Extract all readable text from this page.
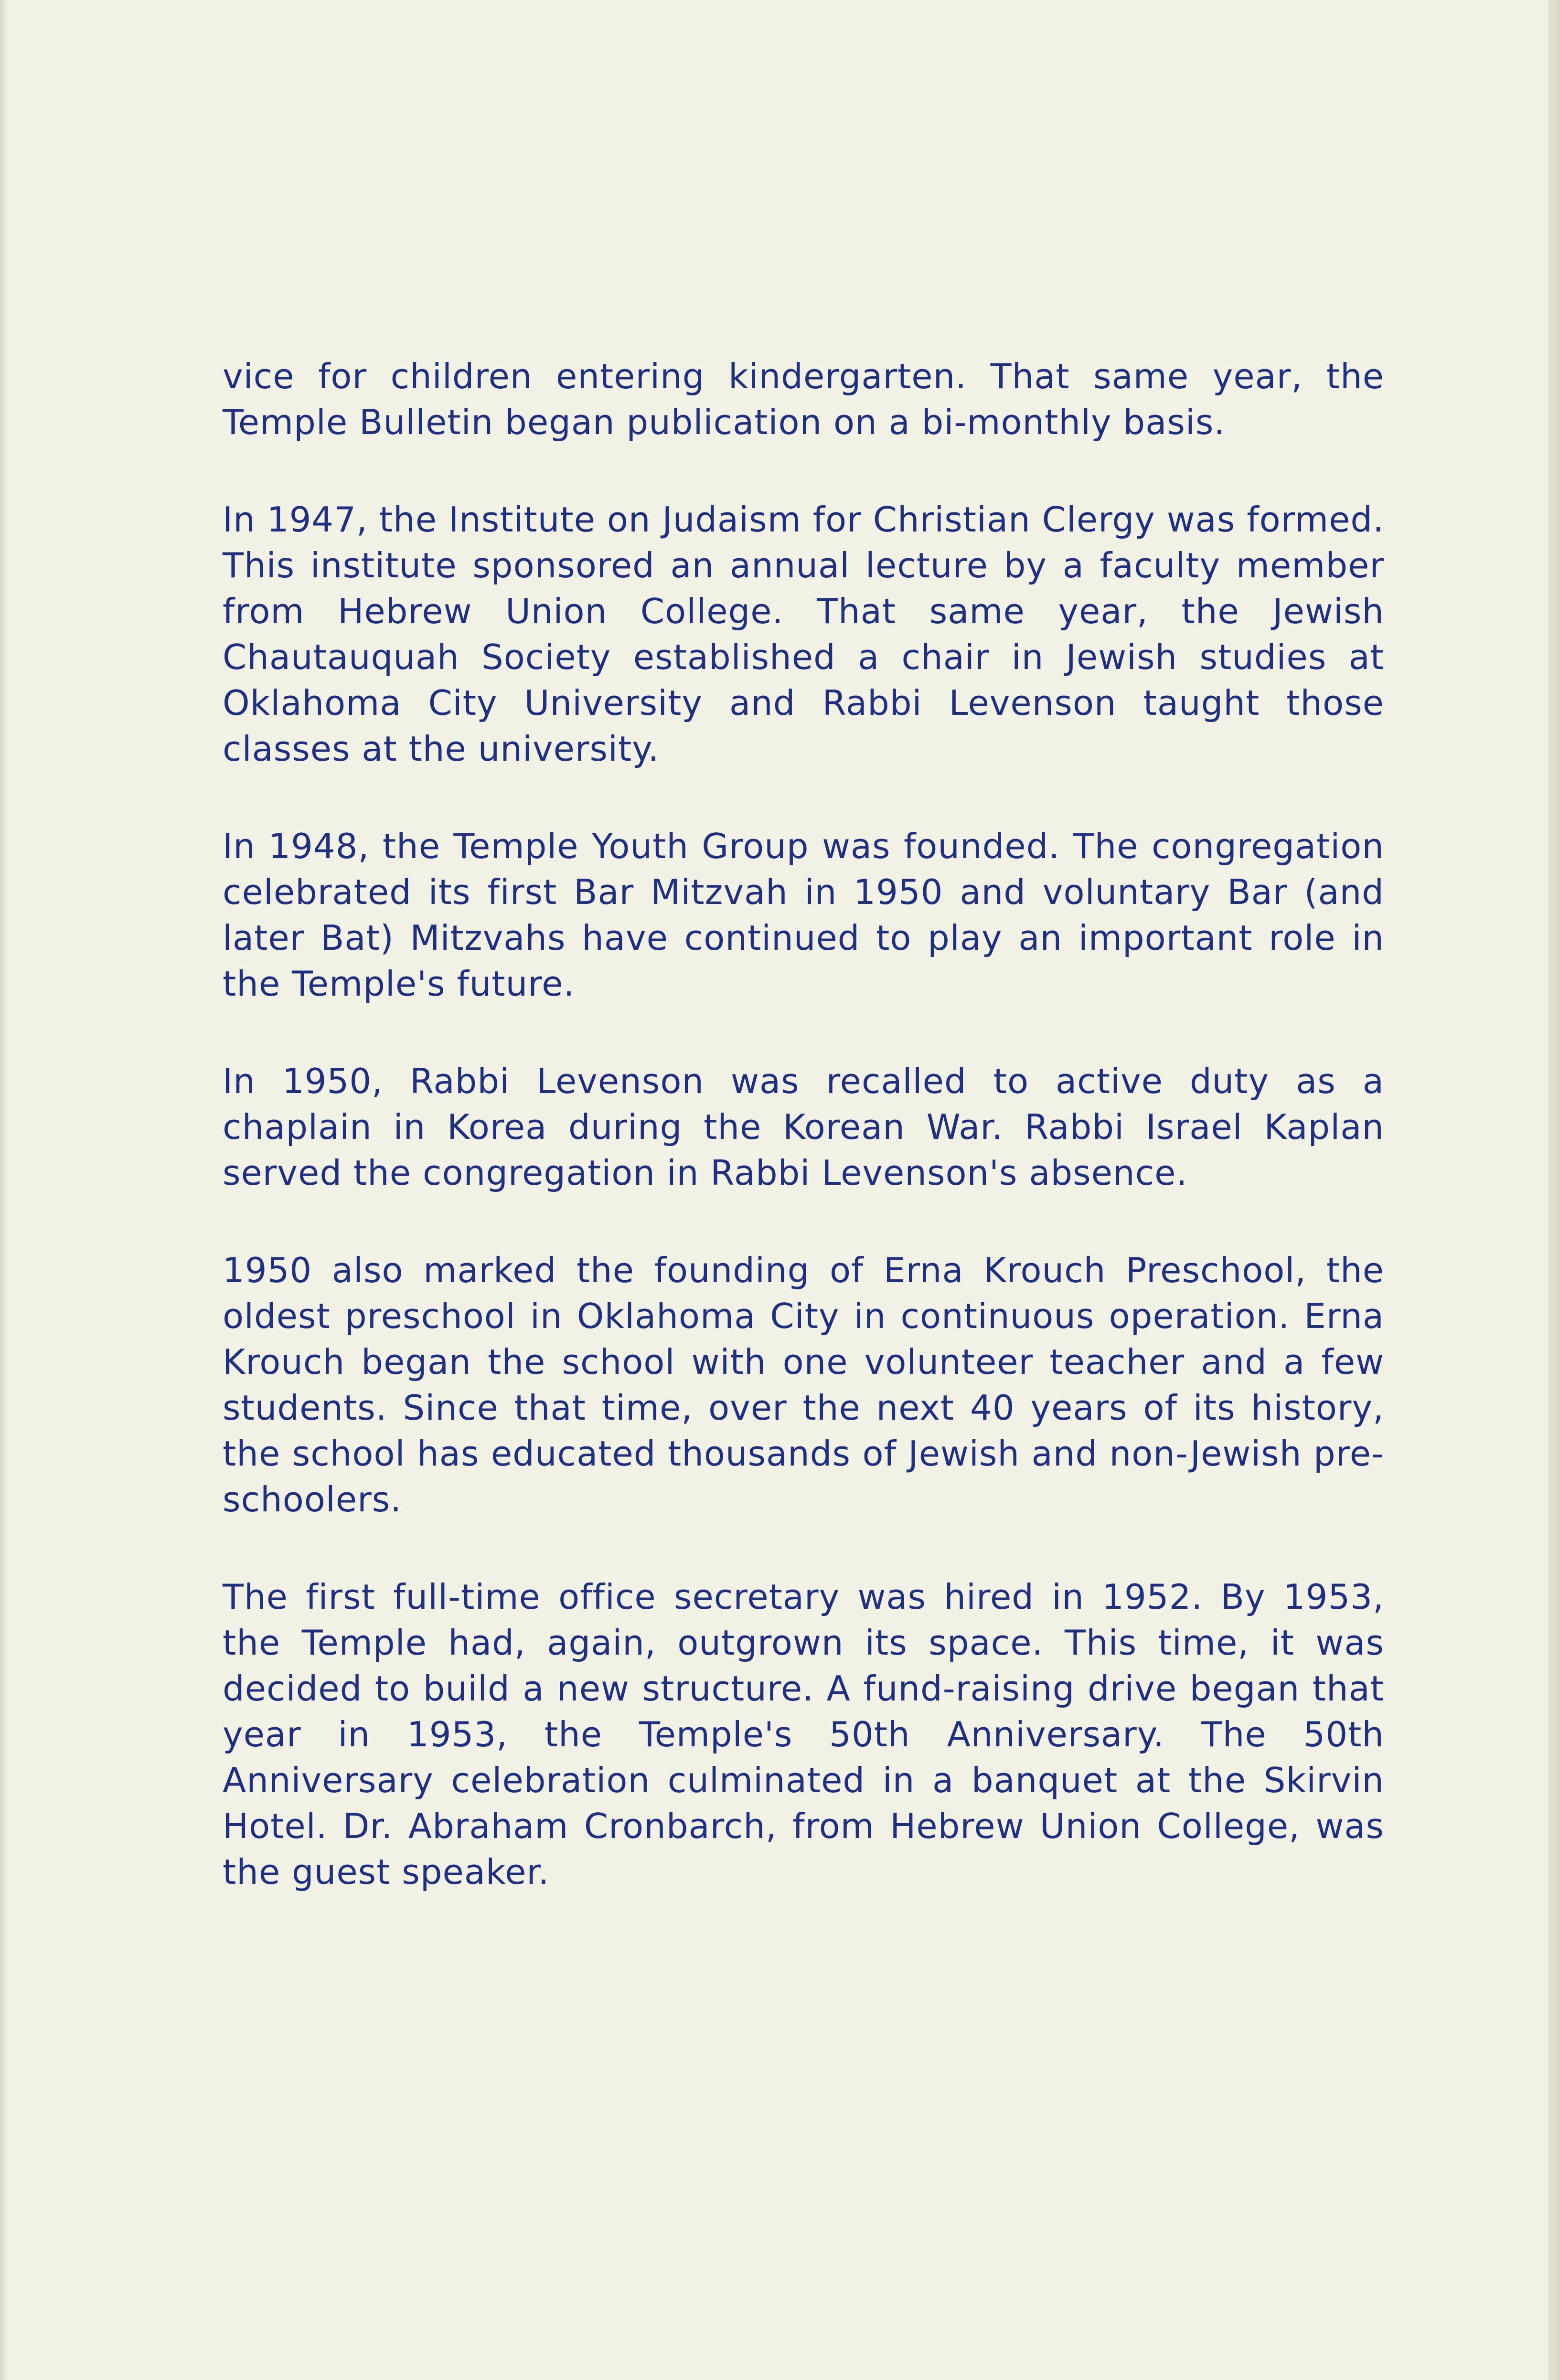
vice for children entering kindergarten. That same year, the Temple Bulletin began publication on a bi-monthly basis.

In 1947, the Institute on Judaism for Christian Clergy was formed. This institute sponsored an annual lecture by a faculty member from Hebrew Union College. That same year, the Jewish Chautauquah Society established a chair in Jewish studies at Oklahoma City University and Rabbi Levenson taught those classes at the university.

In 1948, the Temple Youth Group was founded. The congregation celebrated its first Bar Mitzvah in 1950 and voluntary Bar (and later Bat) Mitzvahs have continued to play an important role in the Temple's future.

In 1950, Rabbi Levenson was recalled to active duty as a chaplain in Korea during the Korean War. Rabbi Israel Kaplan served the congregation in Rabbi Levenson's absence.

1950 also marked the founding of Erna Krouch Preschool, the oldest preschool in Oklahoma City in continuous operation. Erna Krouch began the school with one volunteer teacher and a few students. Since that time, over the next 40 years of its history, the school has educated thousands of Jewish and non-Jewish pre-schoolers.

The first full-time office secretary was hired in 1952. By 1953, the Temple had, again, outgrown its space. This time, it was decided to build a new structure. A fund-raising drive began that year in 1953, the Temple's 50th Anniversary. The 50th Anniversary celebration culminated in a banquet at the Skirvin Hotel. Dr. Abraham Cronbarch, from Hebrew Union College, was the guest speaker.
